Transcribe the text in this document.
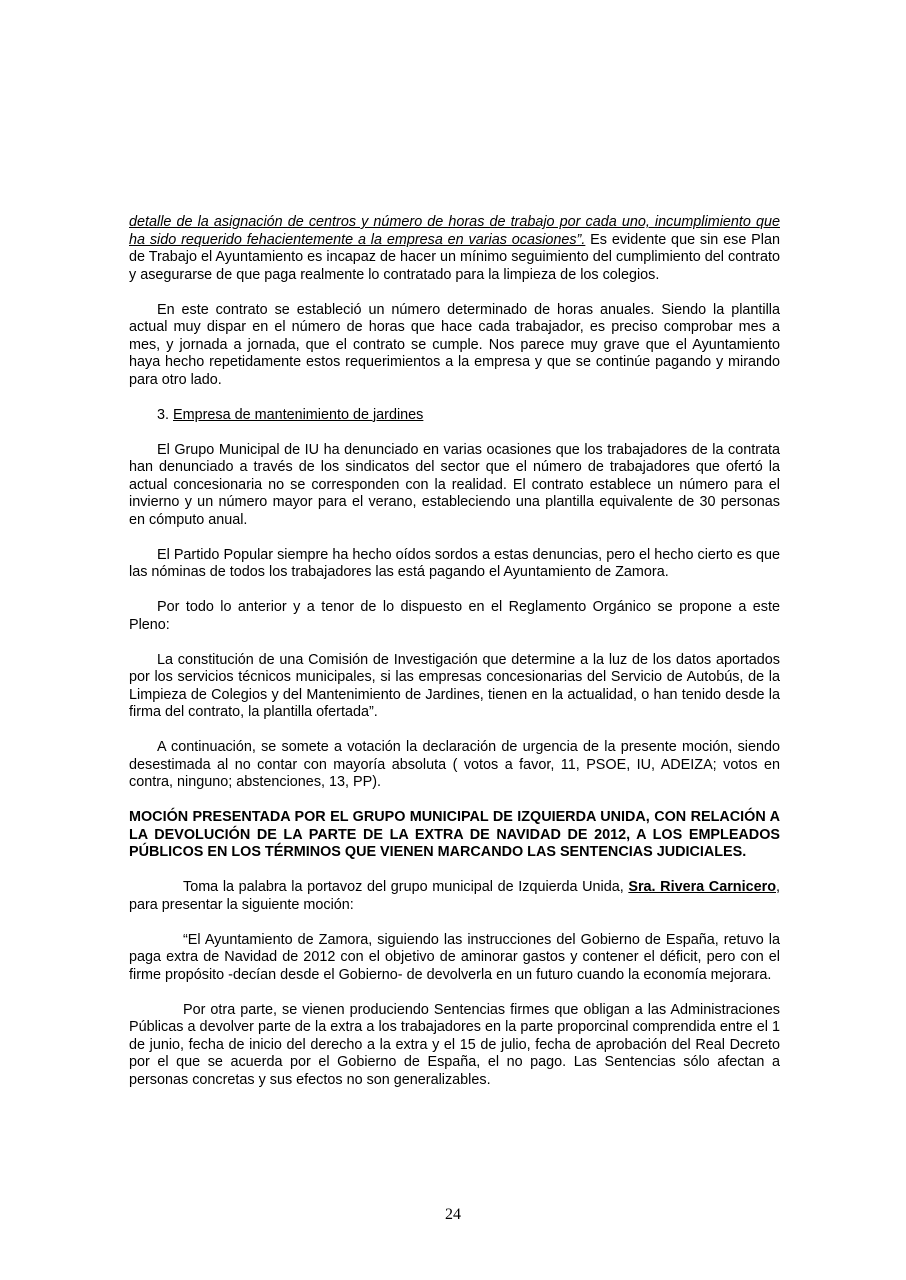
detalle de la asignación de centros y número de horas de trabajo por cada uno, incumplimiento que ha sido requerido fehacientemente a la empresa en varias ocasiones”. Es evidente que sin ese Plan de Trabajo el Ayuntamiento es incapaz de hacer un mínimo seguimiento del cumplimiento del contrato y asegurarse de que paga realmente lo contratado para la limpieza de los colegios.

En este contrato se estableció un número determinado de horas anuales. Siendo la plantilla actual muy dispar en el número de horas que hace cada trabajador, es preciso comprobar mes a mes, y jornada a jornada, que el contrato se cumple. Nos parece muy grave que el Ayuntamiento haya hecho repetidamente estos requerimientos a la empresa y que se continúe pagando y mirando para otro lado.

3. Empresa de mantenimiento de jardines

El Grupo Municipal de IU ha denunciado en varias ocasiones que los trabajadores de la contrata han denunciado a través de los sindicatos del sector que el número de trabajadores que ofertó la actual concesionaria no se corresponden con la realidad. El contrato establece un número para el invierno y un número mayor para el verano, estableciendo una plantilla equivalente de 30 personas en cómputo anual.

El Partido Popular siempre ha hecho oídos sordos a estas denuncias, pero el hecho cierto es que las nóminas de todos los trabajadores las está pagando el Ayuntamiento de Zamora.

Por todo lo anterior y a tenor de lo dispuesto en el Reglamento Orgánico se propone a este Pleno:

La constitución de una Comisión de Investigación que determine a la luz de los datos aportados por los servicios técnicos municipales, si las empresas concesionarias del Servicio de Autobús, de la Limpieza de Colegios y del Mantenimiento de Jardines, tienen en la actualidad, o han tenido desde la firma del contrato, la plantilla ofertada”.

A continuación, se somete a votación la declaración de urgencia de la presente moción, siendo desestimada al no contar con mayoría absoluta ( votos a favor, 11, PSOE, IU, ADEIZA; votos en contra, ninguno; abstenciones, 13, PP).

MOCIÓN PRESENTADA POR EL GRUPO MUNICIPAL DE IZQUIERDA UNIDA, CON RELACIÓN A LA DEVOLUCIÓN DE LA PARTE DE LA EXTRA DE NAVIDAD DE 2012, A LOS EMPLEADOS PÚBLICOS EN LOS TÉRMINOS QUE VIENEN MARCANDO LAS SENTENCIAS JUDICIALES.

Toma la palabra la portavoz del grupo municipal de Izquierda Unida, Sra. Rivera Carnicero, para presentar la siguiente moción:

“El Ayuntamiento de Zamora, siguiendo las instrucciones del Gobierno de España, retuvo la paga extra de Navidad de 2012 con el objetivo de aminorar gastos y contener el déficit, pero con el firme propósito -decían desde el Gobierno- de devolverla en un futuro cuando la economía mejorara.

Por otra parte, se vienen produciendo Sentencias firmes que obligan a las Administraciones Públicas a devolver parte de la extra a los trabajadores en la parte proporcinal comprendida entre el 1 de junio, fecha de inicio del derecho a la extra y el 15 de julio, fecha de aprobación del Real Decreto por el que se acuerda por el Gobierno de España, el no pago. Las Sentencias sólo afectan a personas concretas y sus efectos no son generalizables.

24
